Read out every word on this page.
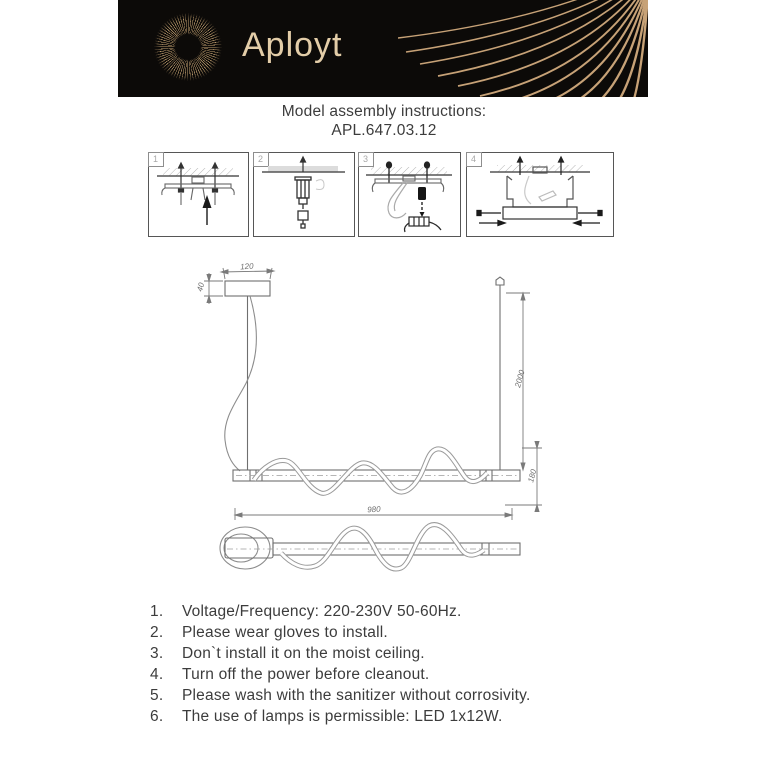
Aployt
Model assembly instructions:
APL.647.03.12
1	2	3	4
120
40
2000
180
980
1.	Voltage/Frequency: 220-230V 50-60Hz.
2.	Please wear gloves to install.
3.	Don`t install it on the moist ceiling.
4.	Turn off the power before cleanout.
5.	Please wash with the sanitizer without corrosivity.
6.	The use of lamps is permissible: LED 1x12W.
